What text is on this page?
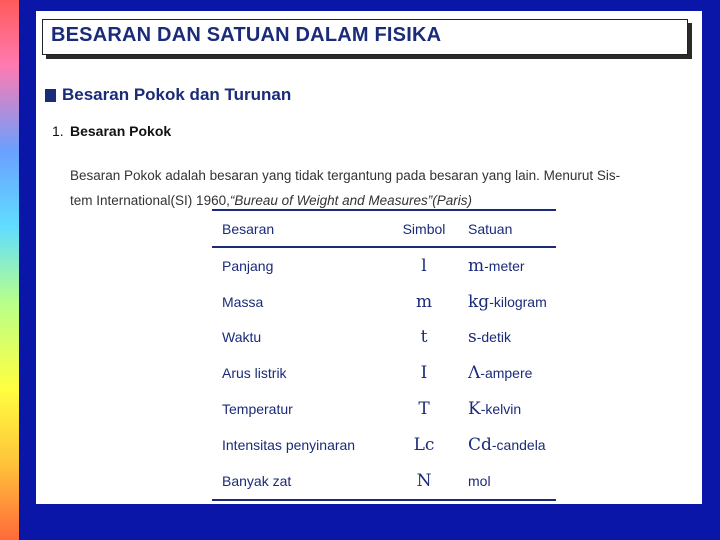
BESARAN DAN SATUAN DALAM FISIKA
Besaran Pokok dan Turunan
1. Besaran Pokok
Besaran Pokok adalah besaran yang tidak tergantung pada besaran yang lain. Menurut Sis-
tem International(SI) 1960,“Bureau of Weight and Measures”(Paris)
Besaran	Simbol	Satuan
Panjang	l	m-meter
Massa	m	kg-kilogram
Waktu	t	s-detik
Arus listrik	I	Λ-ampere
Temperatur	T	K-kelvin
Intensitas penyinaran	Lc	Cd-candela
Banyak zat	N	mol
